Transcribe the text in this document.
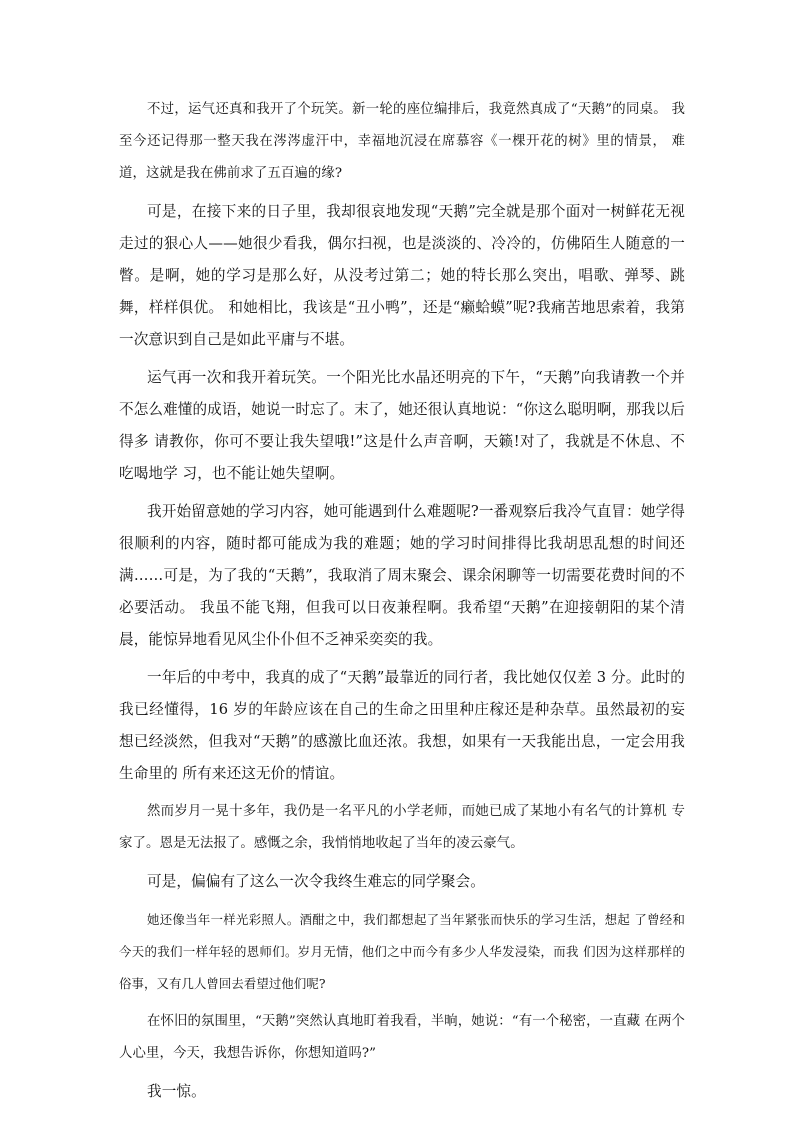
不过，运气还真和我开了个玩笑。新一轮的座位编排后，我竟然真成了“天鹅”的同桌。 我至今还记得那一整天我在涔涔虚汗中，幸福地沉浸在席慕容《一棵开花的树》里的情景， 难道，这就是我在佛前求了五百遍的缘?

可是，在接下来的日子里，我却很哀地发现“天鹅”完全就是那个面对一树鲜花无视走过的狠心人——她很少看我，偶尔扫视，也是淡淡的、冷冷的，仿佛陌生人随意的一瞥。是啊，她的学习是那么好，从没考过第二；她的特长那么突出，唱歌、弹琴、跳舞，样样俱优。 和她相比，我该是“丑小鸭”，还是“癞蛤蟆”呢?我痛苦地思索着，我第一次意识到自己是如此平庸与不堪。

运气再一次和我开着玩笑。一个阳光比水晶还明亮的下午，“天鹅”向我请教一个并不怎么难懂的成语，她说一时忘了。末了，她还很认真地说：“你这么聪明啊，那我以后得多 请教你，你可不要让我失望哦!”这是什么声音啊，天籁!对了，我就是不休息、不吃喝地学 习，也不能让她失望啊。

我开始留意她的学习内容，她可能遇到什么难题呢?一番观察后我冷气直冒：她学得很顺利的内容，随时都可能成为我的难题；她的学习时间排得比我胡思乱想的时间还满……可是，为了我的“天鹅”，我取消了周末聚会、课余闲聊等一切需要花费时间的不必要活动。 我虽不能飞翔，但我可以日夜兼程啊。我希望“天鹅”在迎接朝阳的某个清晨，能惊异地看见风尘仆仆但不乏神采奕奕的我。

一年后的中考中，我真的成了“天鹅”最靠近的同行者，我比她仅仅差 3 分。此时的我已经懂得，16 岁的年龄应该在自己的生命之田里种庄稼还是种杂草。虽然最初的妄想已经淡然，但我对“天鹅”的感激比血还浓。我想，如果有一天我能出息，一定会用我生命里的 所有来还这无价的情谊。

然而岁月一晃十多年，我仍是一名平凡的小学老师，而她已成了某地小有名气的计算机 专家了。恩是无法报了。感慨之余，我悄悄地收起了当年的凌云豪气。

可是，偏偏有了这么一次令我终生难忘的同学聚会。

她还像当年一样光彩照人。酒酣之中，我们都想起了当年紧张而快乐的学习生活，想起 了曾经和今天的我们一样年轻的恩师们。岁月无情，他们之中而今有多少人华发浸染，而我 们因为这样那样的俗事，又有几人曾回去看望过他们呢?

在怀旧的氛围里，“天鹅”突然认真地盯着我看，半晌，她说：“有一个秘密，一直藏 在两个人心里，今天，我想告诉你，你想知道吗?”

我一惊。
